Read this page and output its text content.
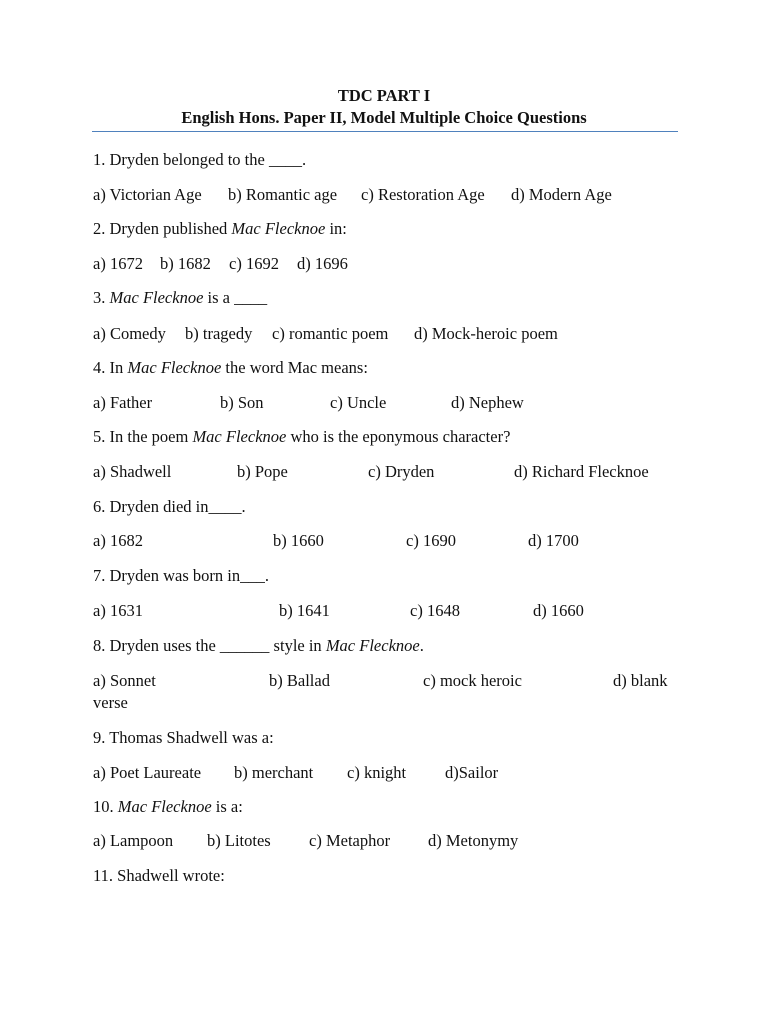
TDC PART I
English Hons. Paper II, Model Multiple Choice Questions
1. Dryden belonged to the ____.
a) Victorian Age b) Romantic age c) Restoration Age d) Modern Age
2. Dryden published Mac Flecknoe in:
a) 1672 b) 1682 c) 1692 d) 1696
3. Mac Flecknoe is a ____
a) Comedy b) tragedy c) romantic poem d) Mock-heroic poem
4. In Mac Flecknoe the word Mac means:
a) Father	b) Son	c) Uncle	d) Nephew
5. In the poem Mac Flecknoe who is the eponymous character?
a) Shadwell	b) Pope	c) Dryden	d) Richard Flecknoe
6. Dryden died in____.
a) 1682	b) 1660	c) 1690	d) 1700
7. Dryden was born in___.
a) 1631	b) 1641	c) 1648	d) 1660
8. Dryden uses the ______ style in Mac Flecknoe.
a) Sonnet	b) Ballad	c) mock heroic	d) blank
verse
9. Thomas Shadwell was a:
a) Poet Laureate b) merchant c) knight d)Sailor
10. Mac Flecknoe is a:
a) Lampoon b) Litotes c) Metaphor d) Metonymy
11. Shadwell wrote:
